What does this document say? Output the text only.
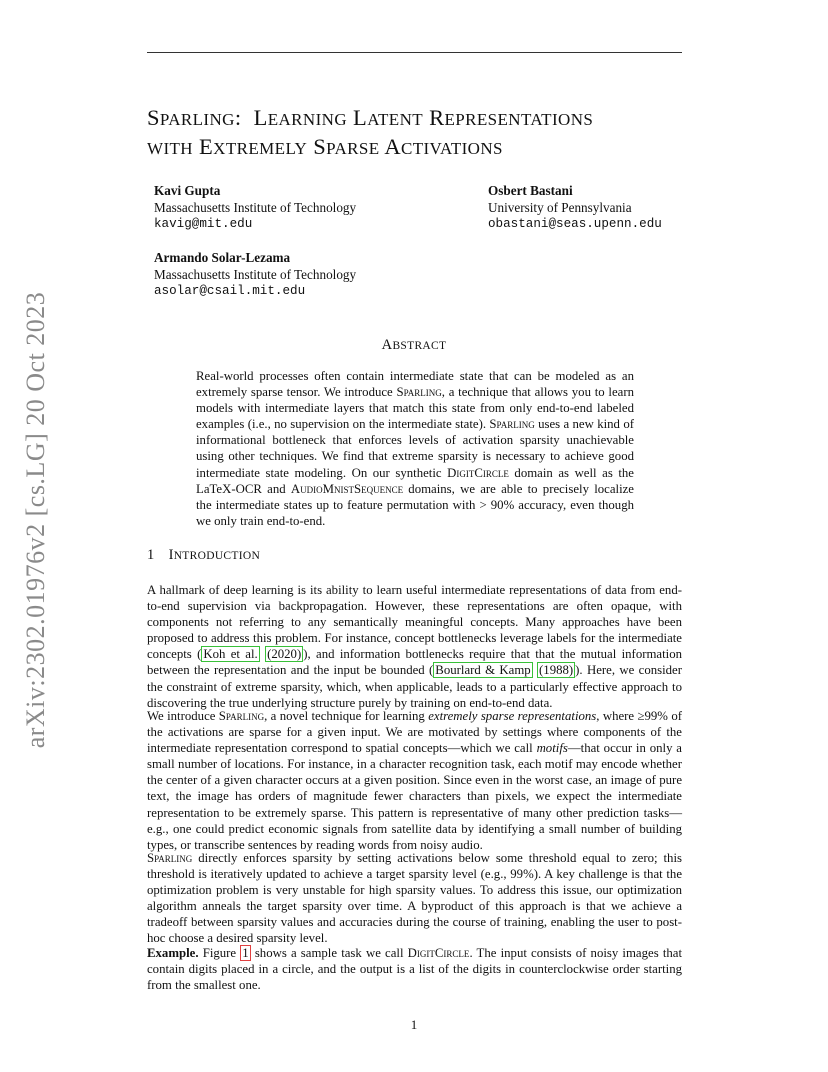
arXiv:2302.01976v2 [cs.LG] 20 Oct 2023
SPARLING: LEARNING LATENT REPRESENTATIONS
WITH EXTREMELY SPARSE ACTIVATIONS
Kavi Gupta
Massachusetts Institute of Technology
kavig@mit.edu
Osbert Bastani
University of Pennsylvania
obastani@seas.upenn.edu
Armando Solar-Lezama
Massachusetts Institute of Technology
asolar@csail.mit.edu
ABSTRACT
Real-world processes often contain intermediate state that can be modeled as an extremely sparse tensor. We introduce Sparling, a technique that allows you to learn models with intermediate layers that match this state from only end-to-end labeled examples (i.e., no supervision on the intermediate state). Sparling uses a new kind of informational bottleneck that enforces levels of activation sparsity unachievable using other techniques. We find that extreme sparsity is necessary to achieve good intermediate state modeling. On our synthetic DigitCircle domain as well as the LaTeX-OCR and AudioMnistSequence domains, we are able to precisely localize the intermediate states up to feature permutation with > 90% accuracy, even though we only train end-to-end.
1 INTRODUCTION

A hallmark of deep learning is its ability to learn useful intermediate representations of data from end-to-end supervision via backpropagation. However, these representations are often opaque, with components not referring to any semantically meaningful concepts. Many approaches have been proposed to address this problem. For instance, concept bottlenecks leverage labels for the intermediate concepts ( Koh et al. (2020) ), and information bottlenecks require that that the mutual information between the representation and the input be bounded ( Bourlard & Kamp (1988) ). Here, we consider the constraint of extreme sparsity, which, when applicable, leads to a particularly effective approach to discovering the true underlying structure purely by training on end-to-end data.

We introduce Sparling, a novel technique for learning extremely sparse representations, where ≥99% of the activations are sparse for a given input. We are motivated by settings where components of the intermediate representation correspond to spatial concepts—which we call motifs—that occur in only a small number of locations. For instance, in a character recognition task, each motif may encode whether the center of a given character occurs at a given position. Since even in the worst case, an image of pure text, the image has orders of magnitude fewer characters than pixels, we expect the intermediate representation to be extremely sparse. This pattern is representative of many other prediction tasks—e.g., one could predict economic signals from satellite data by identifying a small number of building types, or transcribe sentences by reading words from noisy audio.

Sparling directly enforces sparsity by setting activations below some threshold equal to zero; this threshold is iteratively updated to achieve a target sparsity level (e.g., 99%). A key challenge is that the optimization problem is very unstable for high sparsity values. To address this issue, our optimization algorithm anneals the target sparsity over time. A byproduct of this approach is that we achieve a tradeoff between sparsity values and accuracies during the course of training, enabling the user to post-hoc choose a desired sparsity level.

Example. Figure 1 shows a sample task we call DigitCircle. The input consists of noisy images that contain digits placed in a circle, and the output is a list of the digits in counterclockwise order starting from the smallest one.

1
